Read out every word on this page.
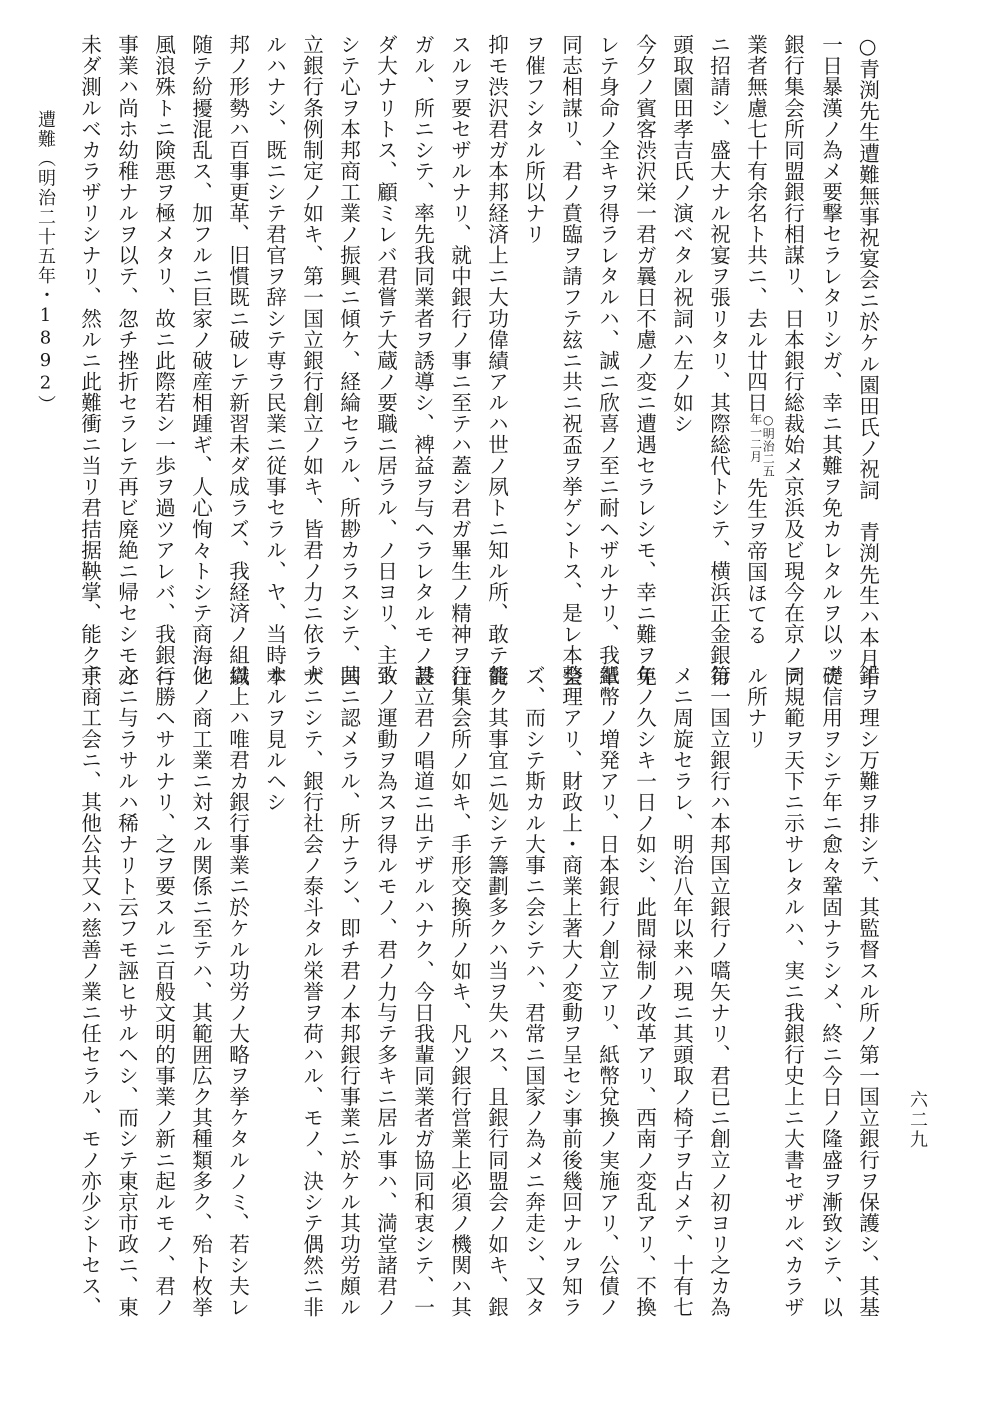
○青渕先生遭難無事祝宴会ニ於ケル園田氏ノ祝詞　青渕先生ハ本月十
一日暴漢ノ為メ要撃セラレタリシガ、幸ニ其難ヲ免カレタルヲ以ッテ
銀行集会所同盟銀行相謀リ、日本銀行総裁始メ京浜及ビ現今在京ノ同
業者無慮七十有余名ト共ニ、去ル廿四日○明治二五
年一二月先生ヲ帝国ほてる
ニ招請シ、盛大ナル祝宴ヲ張リタリ、其際総代トシテ、横浜正金銀行
頭取園田孝吉氏ノ演ベタル祝詞ハ左ノ如シ
今夕ノ賓客渋沢栄一君ガ曩日不慮ノ変ニ遭遇セラレシモ、幸ニ難ヲ免
レテ身命ノ全キヲ得ラレタルハ、誠ニ欣喜ノ至ニ耐ヘザルナリ、我輩
同志相謀リ、君ノ賁臨ヲ請フテ玆ニ共ニ祝盃ヲ挙ゲントス、是レ本会
ヲ催フシタル所以ナリ
抑モ渋沢君ガ本邦経済上ニ大功偉績アルハ世ノ夙トニ知ル所、敢テ贅
スルヲ要セザルナリ、就中銀行ノ事ニ至テハ蓋シ君ガ畢生ノ精神ヲ注
ガル、所ニシテ、率先我同業者ヲ誘導シ、裨益ヲ与ヘラレタルモノ甚
ダ大ナリトス、顧ミレバ君嘗テ大蔵ノ要職ニ居ラル、ノ日ヨリ、主ト
シテ心ヲ本邦商工業ノ振興ニ傾ケ、経綸セラル、所尠カラスシテ、国
立銀行条例制定ノ如キ、第一国立銀行創立ノ如キ、皆君ノ力ニ依ラザ
ルハナシ、既ニシテ君官ヲ辞シテ専ラ民業ニ従事セラル、ヤ、当時本
邦ノ形勢ハ百事更革、旧慣既ニ破レテ新習未ダ成ラズ、我経済ノ組織
随テ紛擾混乱ス、加フルニ巨家ノ破産相踵ギ、人心恂々トシテ商海ノ
風浪殊トニ険悪ヲ極メタリ、故ニ此際若シ一歩ヲ過ツアレバ、我銀行
事業ハ尚ホ幼稚ナルヲ以テ、忽チ挫折セラレテ再ビ廃絶ニ帰セシモ亦
未ダ測ルベカラザリシナリ、然ルニ此難衝ニ当リ君拮据鞅掌、能ク千
遭難（明治二十五年・1892）
錯ヲ理シ万難ヲ排シテ、其監督スル所ノ第一国立銀行ヲ保護シ、其基
礎信用ヲシテ年ニ愈々鞏固ナラシメ、終ニ今日ノ隆盛ヲ漸致シテ、以
テ規範ヲ天下ニ示サレタルハ、実ニ我銀行史上ニ大書セザルベカラザ
ル所ナリ
第一国立銀行ハ本邦国立銀行ノ嚆矢ナリ、君已ニ創立ノ初ヨリ之カ為
メニ周旋セラレ、明治八年以来ハ現ニ其頭取ノ椅子ヲ占メテ、十有七
年ノ久シキ一日ノ如シ、此間禄制ノ改革アリ、西南ノ変乱アリ、不換
紙幣ノ増発アリ、日本銀行ノ創立アリ、紙幣兌換ノ実施アリ、公債ノ
整理アリ、財政上・商業上著大ノ変動ヲ呈セシ事前後幾回ナルヲ知ラ
ズ、而シテ斯カル大事ニ会シテハ、君常ニ国家ノ為メニ奔走シ、又タ
能ク其事宜ニ処シテ籌劃多クハ当ヲ失ハス、且銀行同盟会ノ如キ、銀
行集会所ノ如キ、手形交換所ノ如キ、凡ソ銀行営業上必須ノ機関ハ其
設立君ノ唱道ニ出テザルハナク、今日我輩同業者ガ協同和衷シテ、一
致ノ運動ヲ為スヲ得ルモノ、君ノ力与テ多キニ居ル事ハ、満堂諸君ノ
共ニ認メラル、所ナラン、即チ君ノ本邦銀行事業ニ於ケル其功労頗ル
大ニシテ、銀行社会ノ泰斗タル栄誉ヲ荷ハル、モノ、決シテ偶然ニ非
サルヲ見ルヘシ
以上ハ唯君カ銀行事業ニ於ケル功労ノ大略ヲ挙ケタルノミ、若シ夫レ
他ノ商工業ニ対スル関係ニ至テハ、其範囲広ク其種類多ク、殆ト枚挙
ニ勝ヘサルナリ、之ヲ要スルニ百般文明的事業ノ新ニ起ルモノ、君ノ
之ニ与ラサルハ稀ナリト云フモ誣ヒサルヘシ、而シテ東京市政ニ、東
京商工会ニ、其他公共又ハ慈善ノ業ニ任セラル、モノ亦少シトセス、	六二九
